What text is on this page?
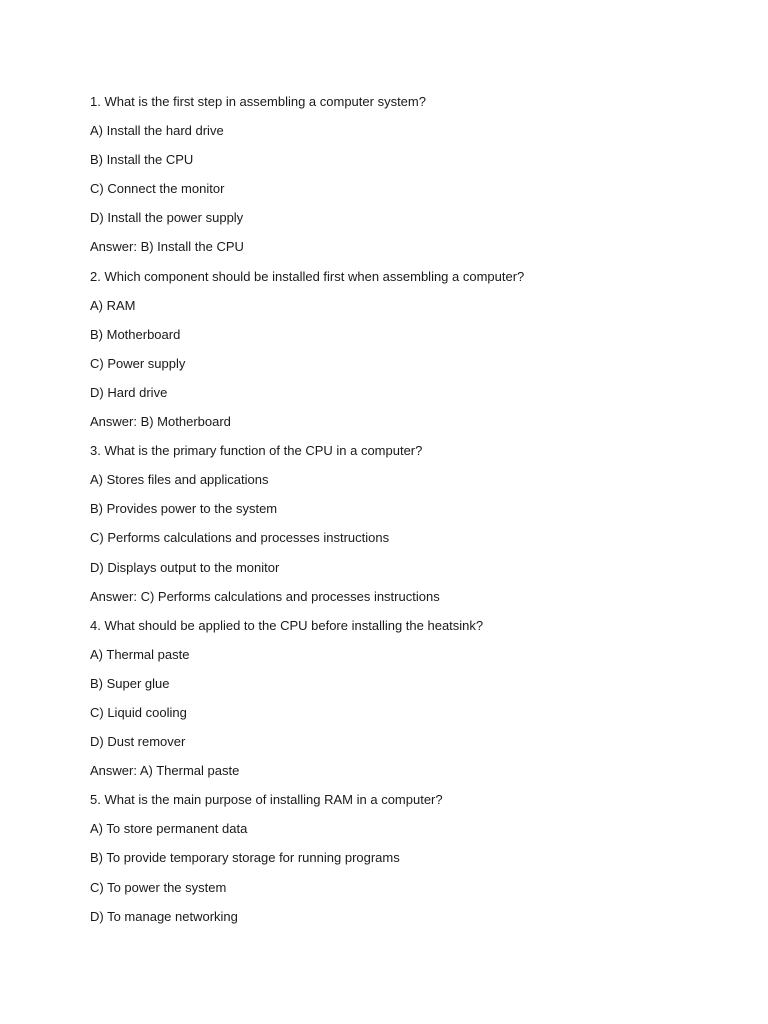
1. What is the first step in assembling a computer system?
A) Install the hard drive
B) Install the CPU
C) Connect the monitor
D) Install the power supply
Answer: B) Install the CPU
2. Which component should be installed first when assembling a computer?
A) RAM
B) Motherboard
C) Power supply
D) Hard drive
Answer: B) Motherboard
3. What is the primary function of the CPU in a computer?
A) Stores files and applications
B) Provides power to the system
C) Performs calculations and processes instructions
D) Displays output to the monitor
Answer: C) Performs calculations and processes instructions
4. What should be applied to the CPU before installing the heatsink?
A) Thermal paste
B) Super glue
C) Liquid cooling
D) Dust remover
Answer: A) Thermal paste
5. What is the main purpose of installing RAM in a computer?
A) To store permanent data
B) To provide temporary storage for running programs
C) To power the system
D) To manage networking
